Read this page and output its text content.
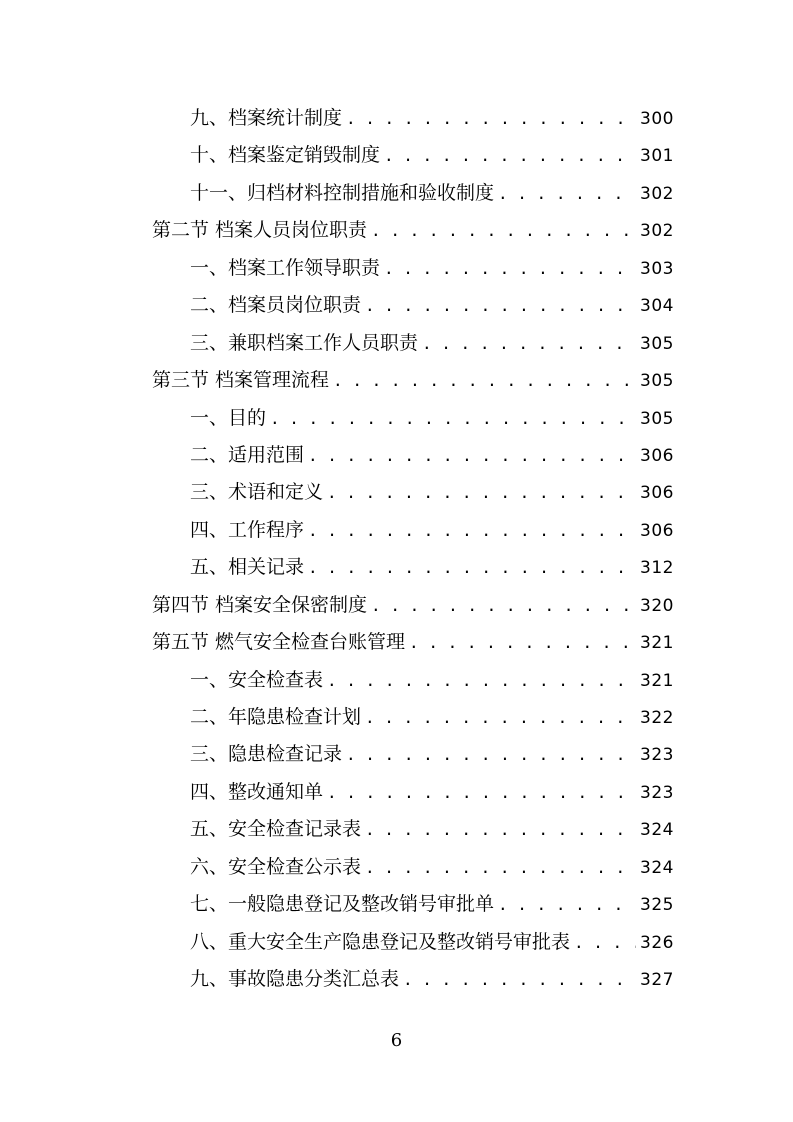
九、档案统计制度 . . .	300
十、档案鉴定销毁制度 . . .	301
十一、归档材料控制措施和验收制度 . . .	302
第二节 档案人员岗位职责 . . .	302
一、档案工作领导职责 . . .	303
二、档案员岗位职责 . . .	304
三、兼职档案工作人员职责 . . .	305
第三节 档案管理流程 . . .	305
一、目的 . . .	305
二、适用范围 . . .	306
三、术语和定义 . . .	306
四、工作程序 . . .	306
五、相关记录 . . .	312
第四节 档案安全保密制度 . . .	320
第五节 燃气安全检查台账管理 . . .	321
一、安全检查表 . . .	321
二、年隐患检查计划 . . .	322
三、隐患检查记录 . . .	323
四、整改通知单 . . .	323
五、安全检查记录表 . . .	324
六、安全检查公示表 . . .	324
七、一般隐患登记及整改销号审批单 . . .	325
八、重大安全生产隐患登记及整改销号审批表 . . .	326
九、事故隐患分类汇总表 . . .	327
6
